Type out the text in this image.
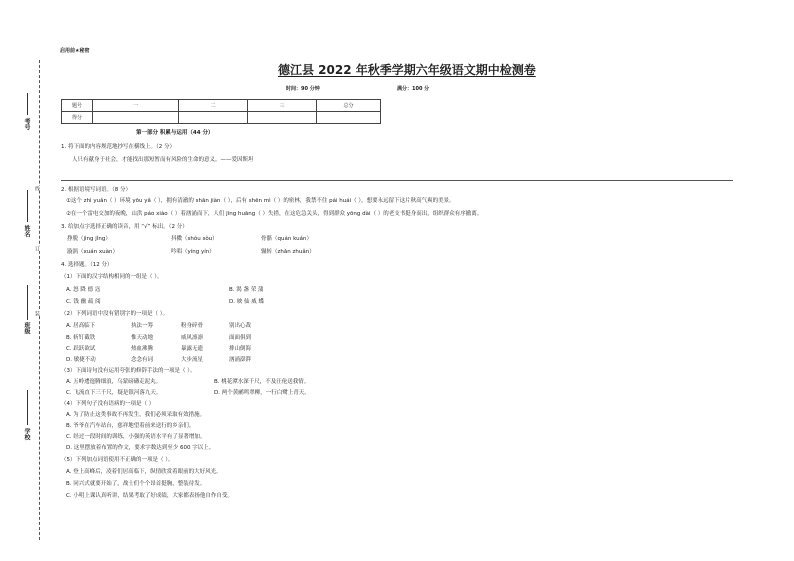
考号
姓名
班级
学校
线
订
装
启用前★秘密
德江县 2022 年秋季学期六年级语文期中检测卷
时间：90 分钟	满分：100 分
题号	一	二	三	总分
得分				
第一部分 积累与运用（44 分）
1. 将下面的内容规范地抄写在横线上。（2 分）
人只有献身于社会，才能找出那短暂而有风险的生命的意义。——爱因斯坦
2. 根据语境写词语。（8 分）
①这个 zhì yuǎn（ ）环境 yōu yǎ（ ），拥有清澈的 shān jiàn（ ），后有 shēn mì（ ）的密林，我禁不住 pái huái（ ），想要永远留下这片秋高气爽的美景。
②在一个雷电交加的夜晚，山洪 páo xiào（ ）着汹涌而下，人们 jīng huāng（ ）失措，在这危急关头，得到群众 yōng dài（ ）的老支书挺身而出，组织群众有序撤离。
3. 给加点字选择正确的读音，用 “√” 标出。（2 分）
挣脱（jìng jǐng）	抖擞（shǒu sǒu）	骨骼（quán kuán）
漩涡（xuán xuàn）	吟唱（yíng yín）	辗转（zhǎn zhuǎn）
4. 选择题。（12 分）
（1）下面的汉字结构相同的一组是（ ）。
A. 怒 降 德 寇	B. 渴 盏 荣 蒲
C. 钱 幽 疏 阅	D. 映 仙 威 蝶
（2）下列词语中没有错别字的一项是（ ）。
A. 居高临下	执法一筹	粉身碎骨	别出心裁
B. 斩钉截铁	惟天动地	威风凛凛	面面俱到
C. 跃跃欲试	热血沸腾	暴露无遗	排山倒海
D. 敏捷不动	念念有词	大步流星	汹涌澎湃
（3）下面诗句没有运用夸张的修辞手法的一项是（ ）。
A. 五岭逶迤腾细浪，乌蒙磅礴走泥丸。	B. 桃花潭水深千尺，不及汪伦送我情。
C. 飞流直下三千尺，疑是银河落九天。	D. 两个黄鹂鸣翠柳，一行白鹭上青天。
（4）下列句子没有语病的一项是（ ）
A. 为了防止这类事故不再发生，我们必须采取有效措施。
B. 爷爷在汽车站台，慈祥地望着前来送行的乡亲们。
C. 经过一段时间的训练，小强的英语水平有了显著增加。
D. 这里摆放着布置的作文，要求字数达到至少 600 字以上。
（5）下列加点词语使用不正确的一项是（ ）。
A. 登上高峰后，凌着们居高临下，纵情欣赏着眼前的大好风光。
B. 同兴式就要开始了，战士们个个昂首挺胸，整装待发。
C. 小明上课认真听讲，结果考取了好成绩，大家都表扬他自作自受。
